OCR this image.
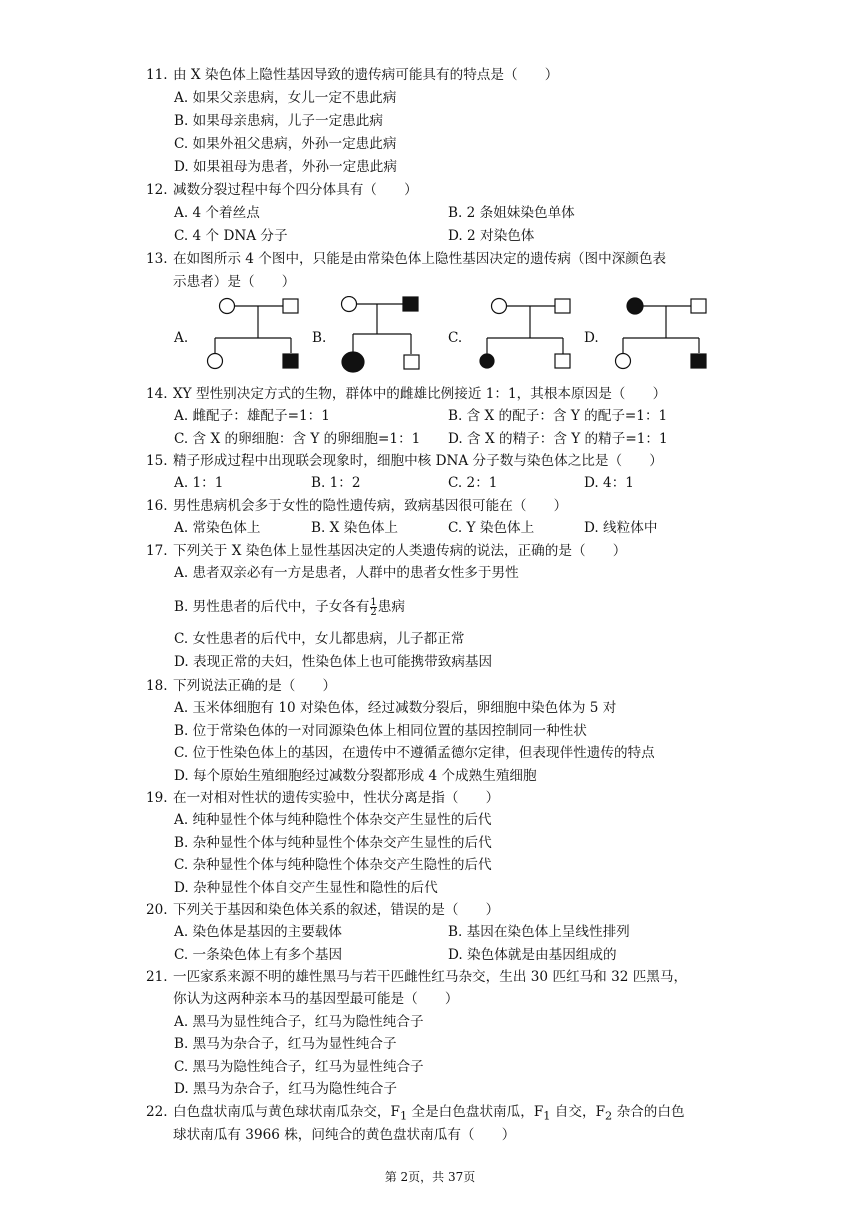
11. 由 X 染色体上隐性基因导致的遗传病可能具有的特点是（　　）
A. 如果父亲患病，女儿一定不患此病
B. 如果母亲患病，儿子一定患此病
C. 如果外祖父患病，外孙一定患此病
D. 如果祖母为患者，外孙一定患此病
12. 减数分裂过程中每个四分体具有（　　）
A. 4 个着丝点	B. 2 条姐妹染色单体
C. 4 个 DNA 分子	D. 2 对染色体
13. 在如图所示 4 个图中，只能是由常染色体上隐性基因决定的遗传病（图中深颜色表
示患者）是（　　）
A.	B.	C.	D.
14. XY 型性别决定方式的生物，群体中的雌雄比例接近 1：1，其根本原因是（　　）
A. 雌配子：雄配子=1：1	B. 含 X 的配子：含 Y 的配子=1：1
C. 含 X 的卵细胞：含 Y 的卵细胞=1：1 D. 含 X 的精子：含 Y 的精子=1：1
15. 精子形成过程中出现联会现象时，细胞中核 DNA 分子数与染色体之比是（　　）
A. 1：1	B. 1：2	C. 2：1	D. 4：1
16. 男性患病机会多于女性的隐性遗传病，致病基因很可能在（　　）
A. 常染色体上	B. X 染色体上	C. Y 染色体上	D. 线粒体中
17. 下列关于 X 染色体上显性基因决定的人类遗传病的说法，正确的是（　　）
A. 患者双亲必有一方是患者，人群中的患者女性多于男性
B. 男性患者的后代中，子女各有 $\frac{1}{2}$ 患病
C. 女性患者的后代中，女儿都患病，儿子都正常
D. 表现正常的夫妇，性染色体上也可能携带致病基因
18. 下列说法正确的是（　　）
A. 玉米体细胞有 10 对染色体，经过减数分裂后，卵细胞中染色体为 5 对
B. 位于常染色体的一对同源染色体上相同位置的基因控制同一种性状
C. 位于性染色体上的基因，在遗传中不遵循孟德尔定律，但表现伴性遗传的特点
D. 每个原始生殖细胞经过减数分裂都形成 4 个成熟生殖细胞
19. 在一对相对性状的遗传实验中，性状分离是指（　　）
A. 纯种显性个体与纯种隐性个体杂交产生显性的后代
B. 杂种显性个体与纯种显性个体杂交产生显性的后代
C. 杂种显性个体与纯种隐性个体杂交产生隐性的后代
D. 杂种显性个体自交产生显性和隐性的后代
20. 下列关于基因和染色体关系的叙述，错误的是（　　）
A. 染色体是基因的主要载体	B. 基因在染色体上呈线性排列
C. 一条染色体上有多个基因	D. 染色体就是由基因组成的
21. 一匹家系来源不明的雄性黑马与若干匹雌性红马杂交，生出 30 匹红马和 32 匹黑马，
你认为这两种亲本马的基因型最可能是（　　）
A. 黑马为显性纯合子，红马为隐性纯合子
B. 黑马为杂合子，红马为显性纯合子
C. 黑马为隐性纯合子，红马为显性纯合子
D. 黑马为杂合子，红马为隐性纯合子
22. 白色盘状南瓜与黄色球状南瓜杂交，$F_1$ 全是白色盘状南瓜，$F_1$ 自交，$F_2$ 杂合的白色
球状南瓜有 3966 株，问纯合的黄色盘状南瓜有（　　）
第 2页，共 37页
